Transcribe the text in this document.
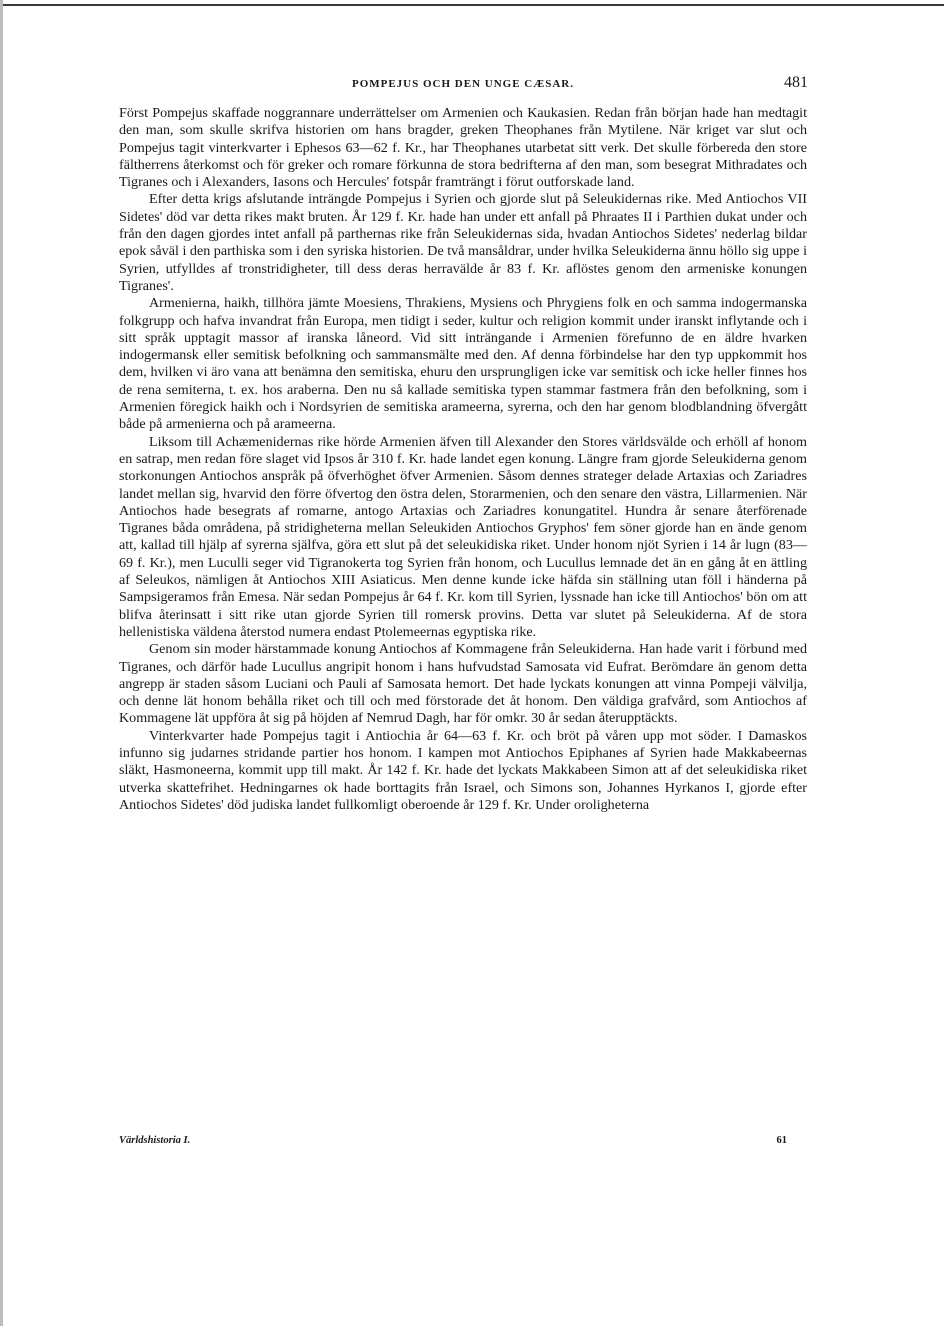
POMPEJUS OCH DEN UNGE CÆSAR.	481

Först Pompejus skaffade noggrannare underrättelser om Armenien och Kaukasien. Redan från början hade han medtagit den man, som skulle skrifva historien om hans bragder, greken Theophanes från Mytilene. När kriget var slut och Pompejus tagit vinterkvarter i Ephesos 63—62 f. Kr., har Theophanes utarbetat sitt verk. Det skulle förbereda den store fältherrens återkomst och för greker och romare förkunna de stora bedrifterna af den man, som besegrat Mithradates och Tigranes och i Alexanders, Iasons och Hercules' fotspår framträngt i förut outforskade land.

Efter detta krigs afslutande inträngde Pompejus i Syrien och gjorde slut på Seleukidernas rike. Med Antiochos VII Sidetes' död var detta rikes makt bruten. År 129 f. Kr. hade han under ett anfall på Phraates II i Parthien dukat under och från den dagen gjordes intet anfall på parthernas rike från Seleukidernas sida, hvadan Antiochos Sidetes' nederlag bildar epok såväl i den parthiska som i den syriska historien. De två mansåldrar, under hvilka Seleukiderna ännu höllo sig uppe i Syrien, utfylldes af tronstridigheter, till dess deras herravälde år 83 f. Kr. aflöstes genom den armeniske konungen Tigranes'.

Armenierna, haikh, tillhöra jämte Moesiens, Thrakiens, Mysiens och Phrygiens folk en och samma indogermanska folkgrupp och hafva invandrat från Europa, men tidigt i seder, kultur och religion kommit under iranskt inflytande och i sitt språk upptagit massor af iranska låneord. Vid sitt inträngande i Armenien förefunno de en äldre hvarken indogermansk eller semitisk befolkning och sammansmälte med den. Af denna förbindelse har den typ uppkommit hos dem, hvilken vi äro vana att benämna den semitiska, ehuru den ursprungligen icke var semitisk och icke heller finnes hos de rena semiterna, t. ex. hos araberna. Den nu så kallade semitiska typen stammar fastmera från den befolkning, som i Armenien föregick haikh och i Nordsyrien de semitiska arameerna, syrerna, och den har genom blodblandning öfvergått både på armenierna och på arameerna.

Liksom till Achæmenidernas rike hörde Armenien äfven till Alexander den Stores världsvälde och erhöll af honom en satrap, men redan före slaget vid Ipsos år 310 f. Kr. hade landet egen konung. Längre fram gjorde Seleukiderna genom storkonungen Antiochos anspråk på öfverhöghet öfver Armenien. Såsom dennes strateger delade Artaxias och Zariadres landet mellan sig, hvarvid den förre öfvertog den östra delen, Storarmenien, och den senare den västra, Lillarmenien. När Antiochos hade besegrats af romarne, antogo Artaxias och Zariadres konungatitel. Hundra år senare återförenade Tigranes båda områdena, på stridigheterna mellan Seleukiden Antiochos Gryphos' fem söner gjorde han en ände genom att, kallad till hjälp af syrerna själfva, göra ett slut på det seleukidiska riket. Under honom njöt Syrien i 14 år lugn (83—69 f. Kr.), men Luculli seger vid Tigranokerta tog Syrien från honom, och Lucullus lemnade det än en gång åt en ättling af Seleukos, nämligen åt Antiochos XIII Asiaticus. Men denne kunde icke häfda sin ställning utan föll i händerna på Sampsigeramos från Emesa. När sedan Pompejus år 64 f. Kr. kom till Syrien, lyssnade han icke till Antiochos' bön om att blifva återinsatt i sitt rike utan gjorde Syrien till romersk provins. Detta var slutet på Seleukiderna. Af de stora hellenistiska väldena återstod numera endast Ptolemeernas egyptiska rike.

Genom sin moder härstammade konung Antiochos af Kommagene från Seleukiderna. Han hade varit i förbund med Tigranes, och därför hade Lucullus angripit honom i hans hufvudstad Samosata vid Eufrat. Berömdare än genom detta angrepp är staden såsom Luciani och Pauli af Samosata hemort. Det hade lyckats konungen att vinna Pompeji välvilja, och denne lät honom behålla riket och till och med förstorade det åt honom. Den väldiga grafvård, som Antiochos af Kommagene lät uppföra åt sig på höjden af Nemrud Dagh, har för omkr. 30 år sedan återupptäckts.

Vinterkvarter hade Pompejus tagit i Antiochia år 64—63 f. Kr. och bröt på våren upp mot söder. I Damaskos infunno sig judarnes stridande partier hos honom. I kampen mot Antiochos Epiphanes af Syrien hade Makkabeernas släkt, Hasmoneerna, kommit upp till makt. År 142 f. Kr. hade det lyckats Makkabeen Simon att af det seleukidiska riket utverka skattefrihet. Hedningarnes ok hade borttagits från Israel, och Simons son, Johannes Hyrkanos I, gjorde efter Antiochos Sidetes' död judiska landet fullkomligt oberoende år 129 f. Kr. Under oroligheterna

Världshistoria I.	61
